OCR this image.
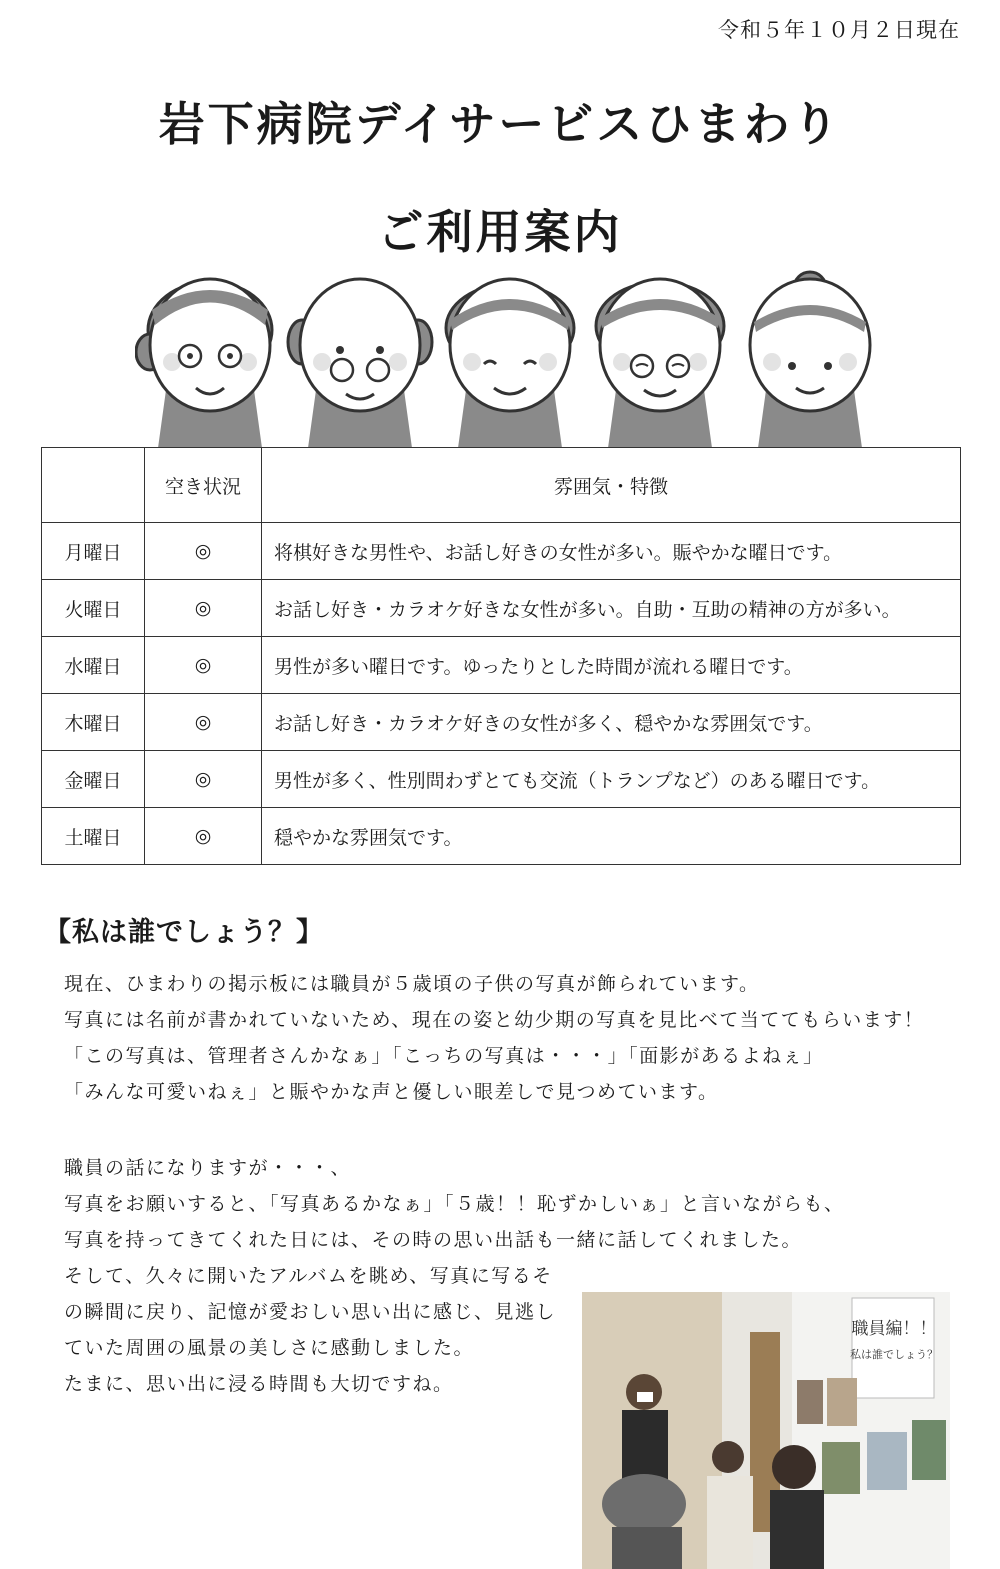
令和５年１０月２日現在
岩下病院デイサービスひまわり
ご利用案内
	空き状況	雰囲気・特徴
月曜日	◎	将棋好きな男性や、お話し好きの女性が多い。賑やかな曜日です。
火曜日	◎	お話し好き・カラオケ好きな女性が多い。自助・互助の精神の方が多い。
水曜日	◎	男性が多い曜日です。ゆったりとした時間が流れる曜日です。
木曜日	◎	お話し好き・カラオケ好きの女性が多く、穏やかな雰囲気です。
金曜日	◎	男性が多く、性別問わずとても交流（トランプなど）のある曜日です。
土曜日	◎	穏やかな雰囲気です。
【私は誰でしょう？】
現在、ひまわりの掲示板には職員が５歳頃の子供の写真が飾られています。
写真には名前が書かれていないため、現在の姿と幼少期の写真を見比べて当ててもらいます！
「この写真は、管理者さんかなぁ」「こっちの写真は・・・」「面影があるよねぇ」
「みんな可愛いねぇ」と賑やかな声と優しい眼差しで見つめています。
職員の話になりますが・・・、
写真をお願いすると、「写真あるかなぁ」「５歳！！恥ずかしいぁ」と言いながらも、
写真を持ってきてくれた日には、その時の思い出話も一緒に話してくれました。
そして、久々に開いたアルバムを眺め、写真に写るそ
の瞬間に戻り、記憶が愛おしい思い出に感じ、見逃し
ていた周囲の風景の美しさに感動しました。
たまに、思い出に浸る時間も大切ですね。
職員編！！
私は誰でしょう？
